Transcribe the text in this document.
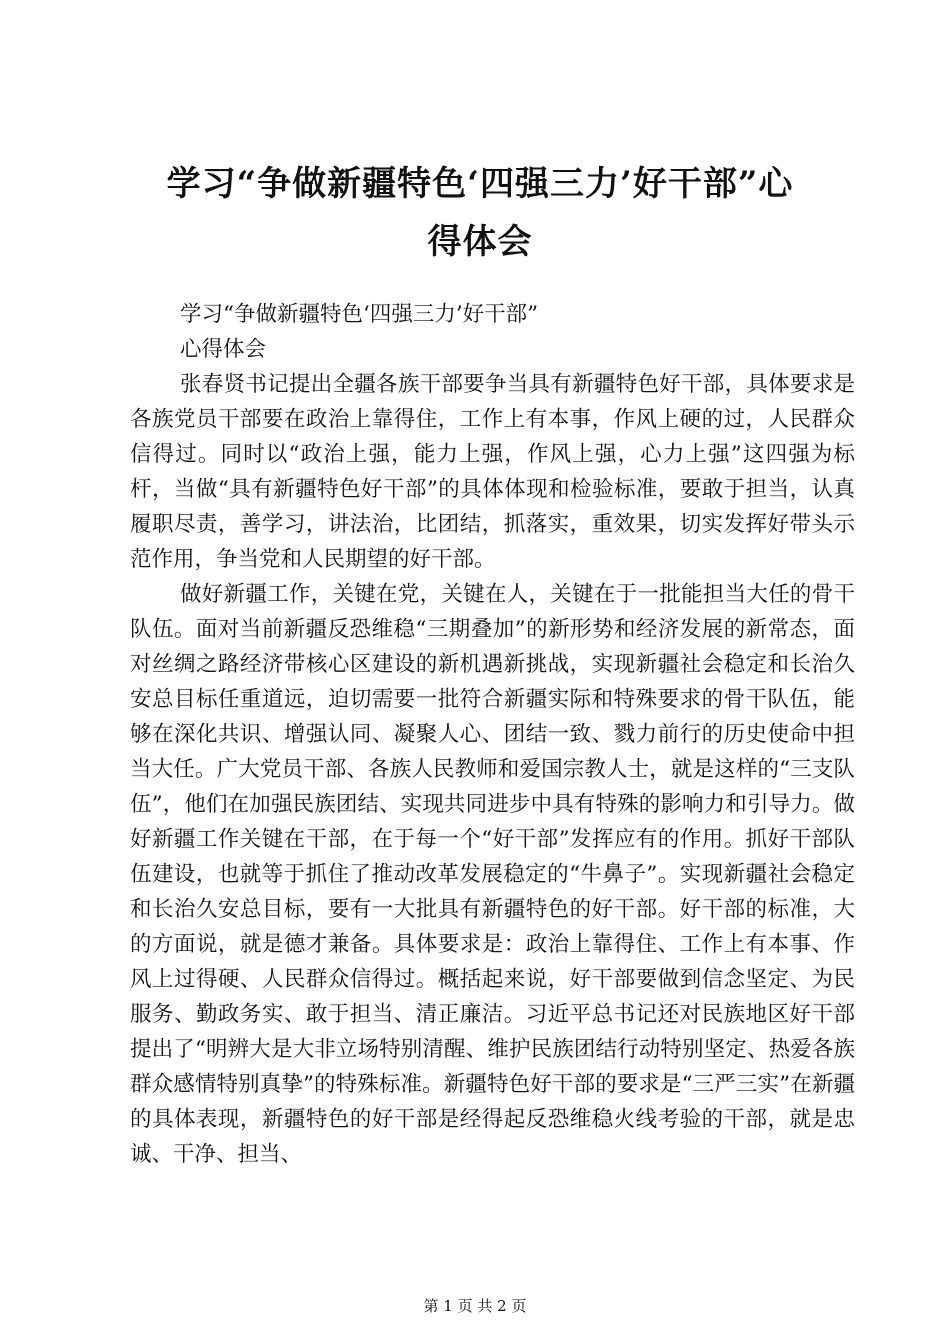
学习“争做新疆特色‘四强三力’好干部”心
得体会

学习“争做新疆特色‘四强三力’好干部”

心得体会

张春贤书记提出全疆各族干部要争当具有新疆特色好干部，具体要求是各族党员干部要在政治上靠得住，工作上有本事，作风上硬的过，人民群众信得过。同时以“政治上强，能力上强，作风上强，心力上强”这四强为标杆，当做“具有新疆特色好干部”的具体体现和检验标准，要敢于担当，认真履职尽责，善学习，讲法治，比团结，抓落实，重效果，切实发挥好带头示范作用，争当党和人民期望的好干部。

做好新疆工作，关键在党，关键在人，关键在于一批能担当大任的骨干队伍。面对当前新疆反恐维稳“三期叠加”的新形势和经济发展的新常态，面对丝绸之路经济带核心区建设的新机遇新挑战，实现新疆社会稳定和长治久安总目标任重道远，迫切需要一批符合新疆实际和特殊要求的骨干队伍，能够在深化共识、增强认同、凝聚人心、团结一致、戮力前行的历史使命中担当大任。广大党员干部、各族人民教师和爱国宗教人士，就是这样的“三支队伍”，他们在加强民族团结、实现共同进步中具有特殊的影响力和引导力。做好新疆工作关键在干部，在于每一个“好干部”发挥应有的作用。抓好干部队伍建设，也就等于抓住了推动改革发展稳定的“牛鼻子”。实现新疆社会稳定和长治久安总目标，要有一大批具有新疆特色的好干部。好干部的标准，大的方面说，就是德才兼备。具体要求是：政治上靠得住、工作上有本事、作风上过得硬、人民群众信得过。概括起来说，好干部要做到信念坚定、为民服务、勤政务实、敢于担当、清正廉洁。习近平总书记还对民族地区好干部提出了“明辨大是大非立场特别清醒、维护民族团结行动特别坚定、热爱各族群众感情特别真挚”的特殊标准。新疆特色好干部的要求是“三严三实”在新疆的具体表现，新疆特色的好干部是经得起反恐维稳火线考验的干部，就是忠诚、干净、担当、

第 1 页 共 2 页
